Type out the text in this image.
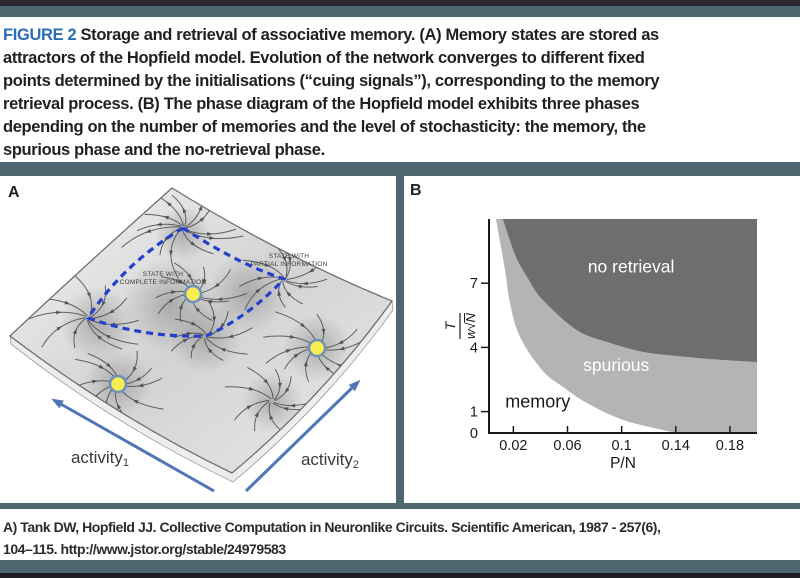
FIGURE 2 Storage and retrieval of associative memory. (A) Memory states are stored as
attractors of the Hopfield model. Evolution of the network converges to different fixed
points determined by the initialisations (“cuing signals”), corresponding to the memory
retrieval process. (B) The phase diagram of the Hopfield model exhibits three phases
depending on the number of memories and the level of stochasticity: the memory, the
spurious phase and the no-retrieval phase.
STATE WITH COMPLETE INFORMATION
STATE WITH PARTIAL INFORMATION
activity1	activity2
A
0.02 0.06 0.1 0.14 0.18
0
1
4
7
P/N
T w√N
no retrieval
spurious
memory
B
A) Tank DW, Hopfield JJ. Collective Computation in Neuronlike Circuits. Scientific American, 1987 - 257(6),
104–115. http://www.jstor.org/stable/24979583
